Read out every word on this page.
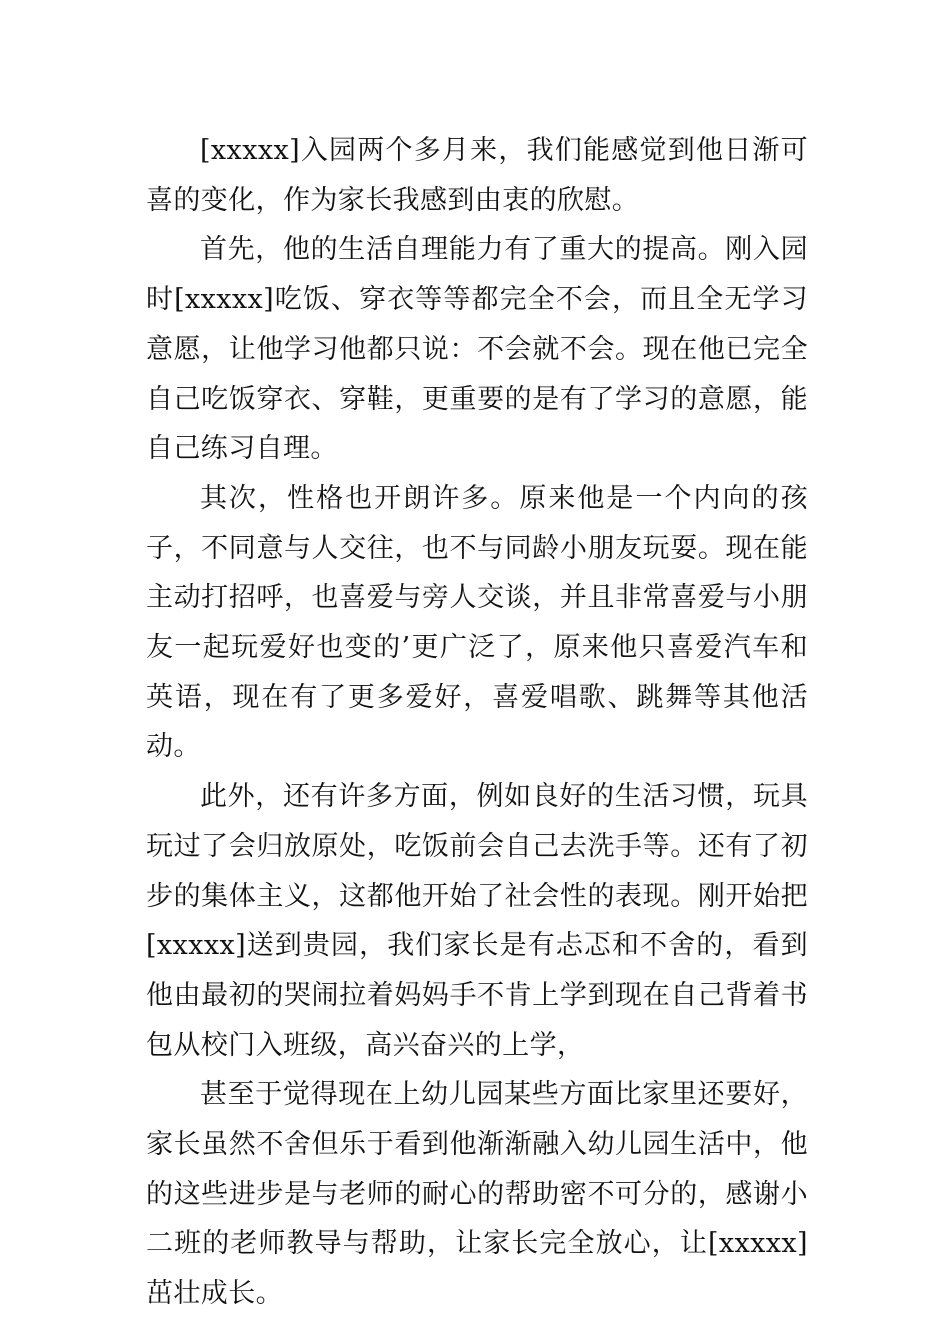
[xxxxx]入园两个多月来，我们能感觉到他日渐可喜的变化，作为家长我感到由衷的欣慰。

首先，他的生活自理能力有了重大的提高。刚入园时[xxxxx]吃饭、穿衣等等都完全不会，而且全无学习意愿，让他学习他都只说：不会就不会。现在他已完全自己吃饭穿衣、穿鞋，更重要的是有了学习的意愿，能自己练习自理。

其次，性格也开朗许多。原来他是一个内向的孩子，不同意与人交往，也不与同龄小朋友玩耍。现在能主动打招呼，也喜爱与旁人交谈，并且非常喜爱与小朋友一起玩爱好也变的’更广泛了，原来他只喜爱汽车和英语，现在有了更多爱好，喜爱唱歌、跳舞等其他活动。

此外，还有许多方面，例如良好的生活习惯，玩具玩过了会归放原处，吃饭前会自己去洗手等。还有了初步的集体主义，这都他开始了社会性的表现。刚开始把[xxxxx]送到贵园，我们家长是有忐忑和不舍的，看到他由最初的哭闹拉着妈妈手不肯上学到现在自己背着书包从校门入班级，高兴奋兴的上学，

甚至于觉得现在上幼儿园某些方面比家里还要好，家长虽然不舍但乐于看到他渐渐融入幼儿园生活中，他的这些进步是与老师的耐心的帮助密不可分的，感谢小二班的老师教导与帮助，让家长完全放心，让[xxxxx]茁壮成长。
